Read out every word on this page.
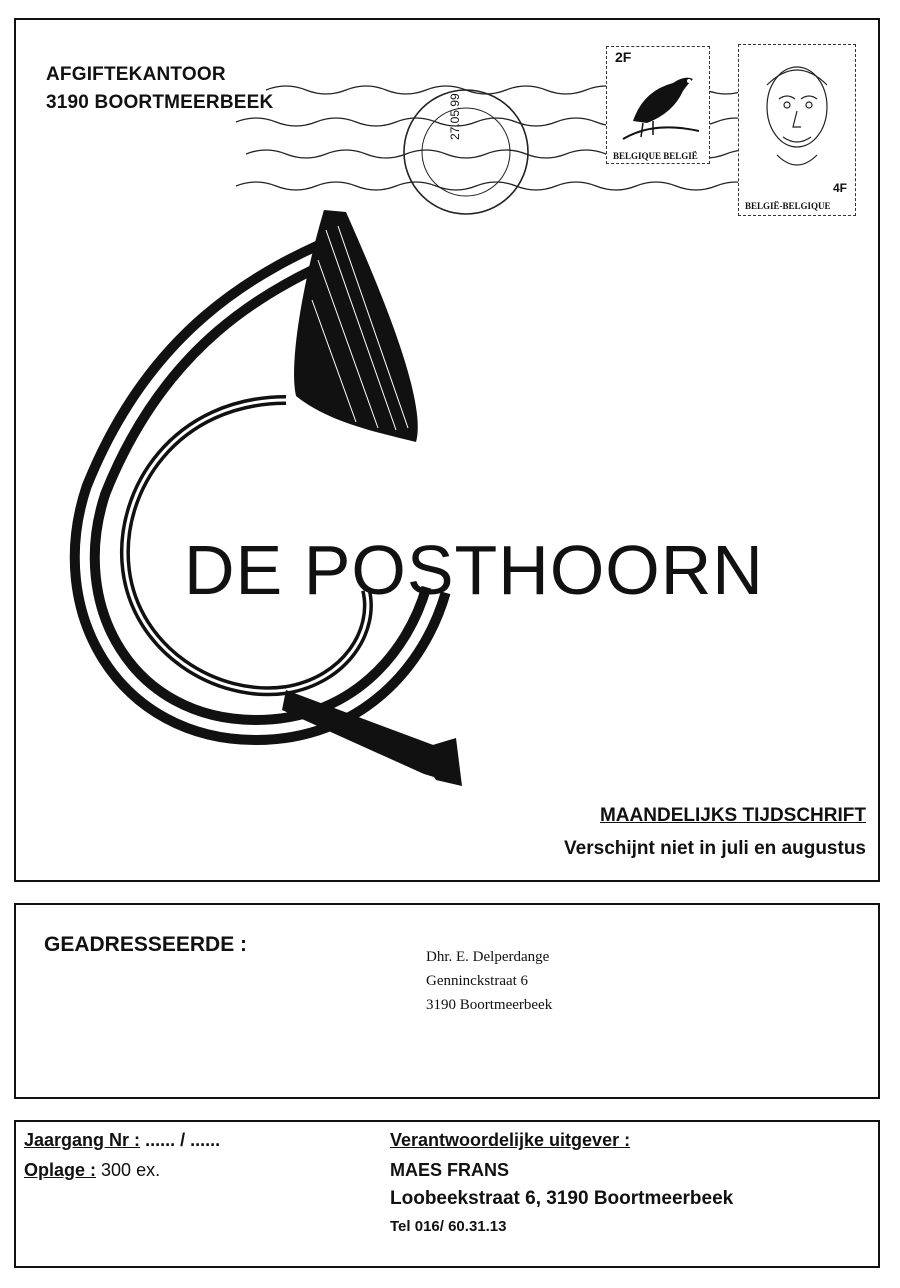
AFGIFTEKANTOOR
3190 BOORTMEERBEEK	27.05.99
2F
BELGIQUE BELGIË
4F
BELGIË-BELGIQUE
DE POSTHOORN
MAANDELIJKS TIJDSCHRIFT
Verschijnt niet in juli en augustus
GEADRESSEERDE :
Dhr. E. Delperdange
Genninckstraat 6
3190 Boortmeerbeek
Jaargang Nr : ...... / ......
Oplage : 300 ex.
Verantwoordelijke uitgever :
MAES FRANS
Loobeekstraat 6, 3190 Boortmeerbeek
Tel 016/ 60.31.13
